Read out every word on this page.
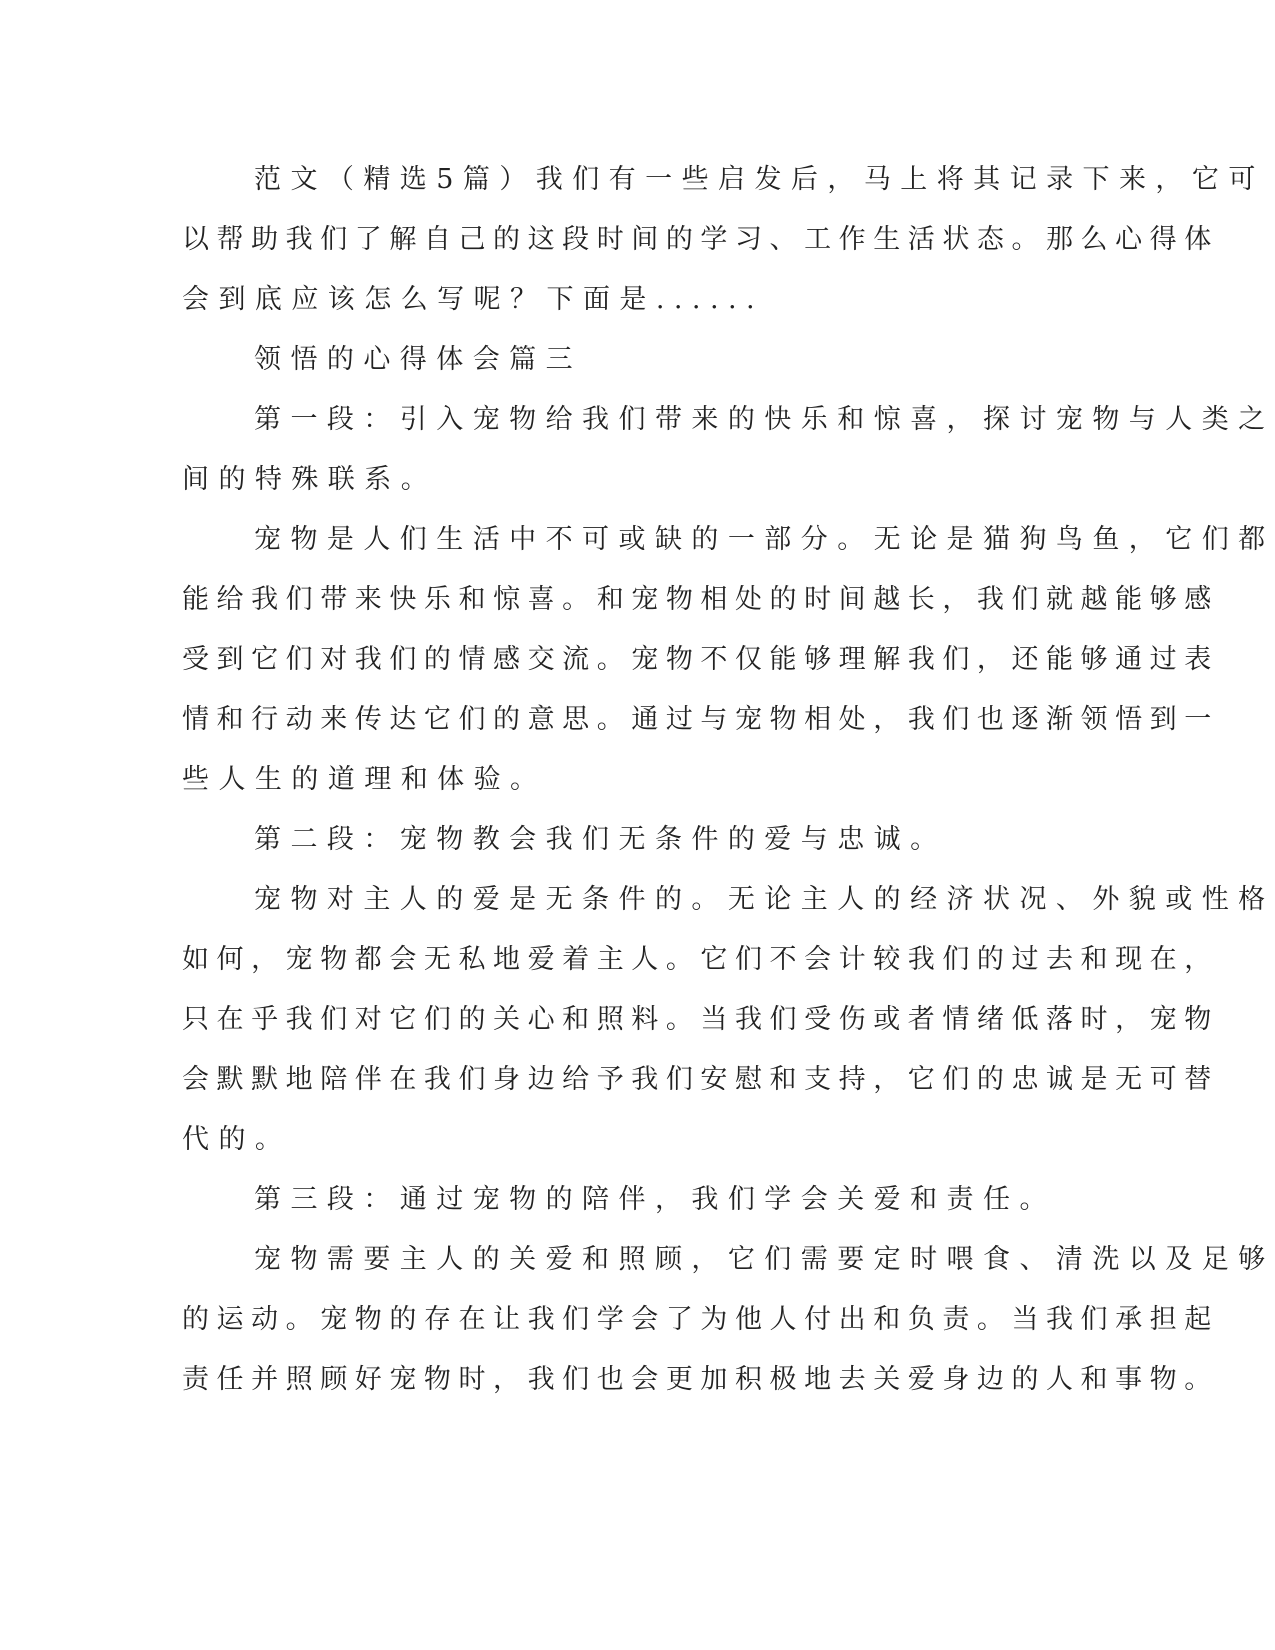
范文（精选5篇）我们有一些启发后，马上将其记录下来，它可
以帮助我们了解自己的这段时间的学习、工作生活状态。那么心得体
会到底应该怎么写呢？下面是......
领悟的心得体会篇三
第一段：引入宠物给我们带来的快乐和惊喜，探讨宠物与人类之
间的特殊联系。
宠物是人们生活中不可或缺的一部分。无论是猫狗鸟鱼，它们都
能给我们带来快乐和惊喜。和宠物相处的时间越长，我们就越能够感
受到它们对我们的情感交流。宠物不仅能够理解我们，还能够通过表
情和行动来传达它们的意思。通过与宠物相处，我们也逐渐领悟到一
些人生的道理和体验。
第二段：宠物教会我们无条件的爱与忠诚。
宠物对主人的爱是无条件的。无论主人的经济状况、外貌或性格
如何，宠物都会无私地爱着主人。它们不会计较我们的过去和现在，
只在乎我们对它们的关心和照料。当我们受伤或者情绪低落时，宠物
会默默地陪伴在我们身边给予我们安慰和支持，它们的忠诚是无可替
代的。
第三段：通过宠物的陪伴，我们学会关爱和责任。
宠物需要主人的关爱和照顾，它们需要定时喂食、清洗以及足够
的运动。宠物的存在让我们学会了为他人付出和负责。当我们承担起
责任并照顾好宠物时，我们也会更加积极地去关爱身边的人和事物。
